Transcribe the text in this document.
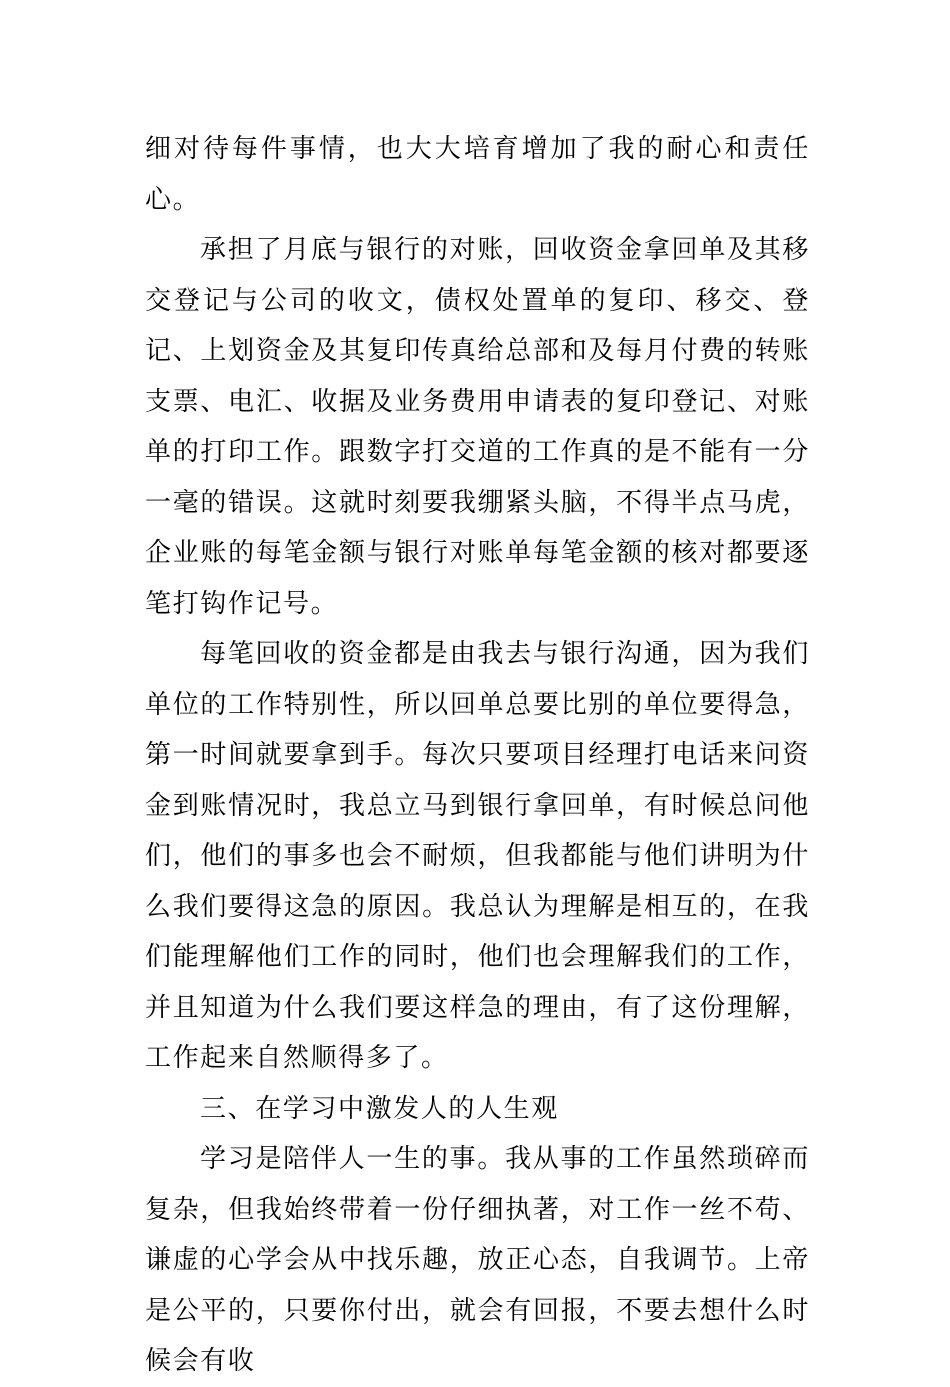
细对待每件事情，也大大培育增加了我的耐心和责任心。

承担了月底与银行的对账，回收资金拿回单及其移交登记与公司的收文，债权处置单的复印、移交、登记、上划资金及其复印传真给总部和及每月付费的转账支票、电汇、收据及业务费用申请表的复印登记、对账单的打印工作。跟数字打交道的工作真的是不能有一分一毫的错误。这就时刻要我绷紧头脑，不得半点马虎，企业账的每笔金额与银行对账单每笔金额的核对都要逐笔打钩作记号。

每笔回收的资金都是由我去与银行沟通，因为我们单位的工作特别性，所以回单总要比别的单位要得急，第一时间就要拿到手。每次只要项目经理打电话来问资金到账情况时，我总立马到银行拿回单，有时候总问他们，他们的事多也会不耐烦，但我都能与他们讲明为什么我们要得这急的原因。我总认为理解是相互的，在我们能理解他们工作的同时，他们也会理解我们的工作，并且知道为什么我们要这样急的理由，有了这份理解，工作起来自然顺得多了。

三、在学习中激发人的人生观

学习是陪伴人一生的事。我从事的工作虽然琐碎而复杂，但我始终带着一份仔细执著，对工作一丝不苟、谦虚的心学会从中找乐趣，放正心态，自我调节。上帝是公平的，只要你付出，就会有回报，不要去想什么时候会有收
